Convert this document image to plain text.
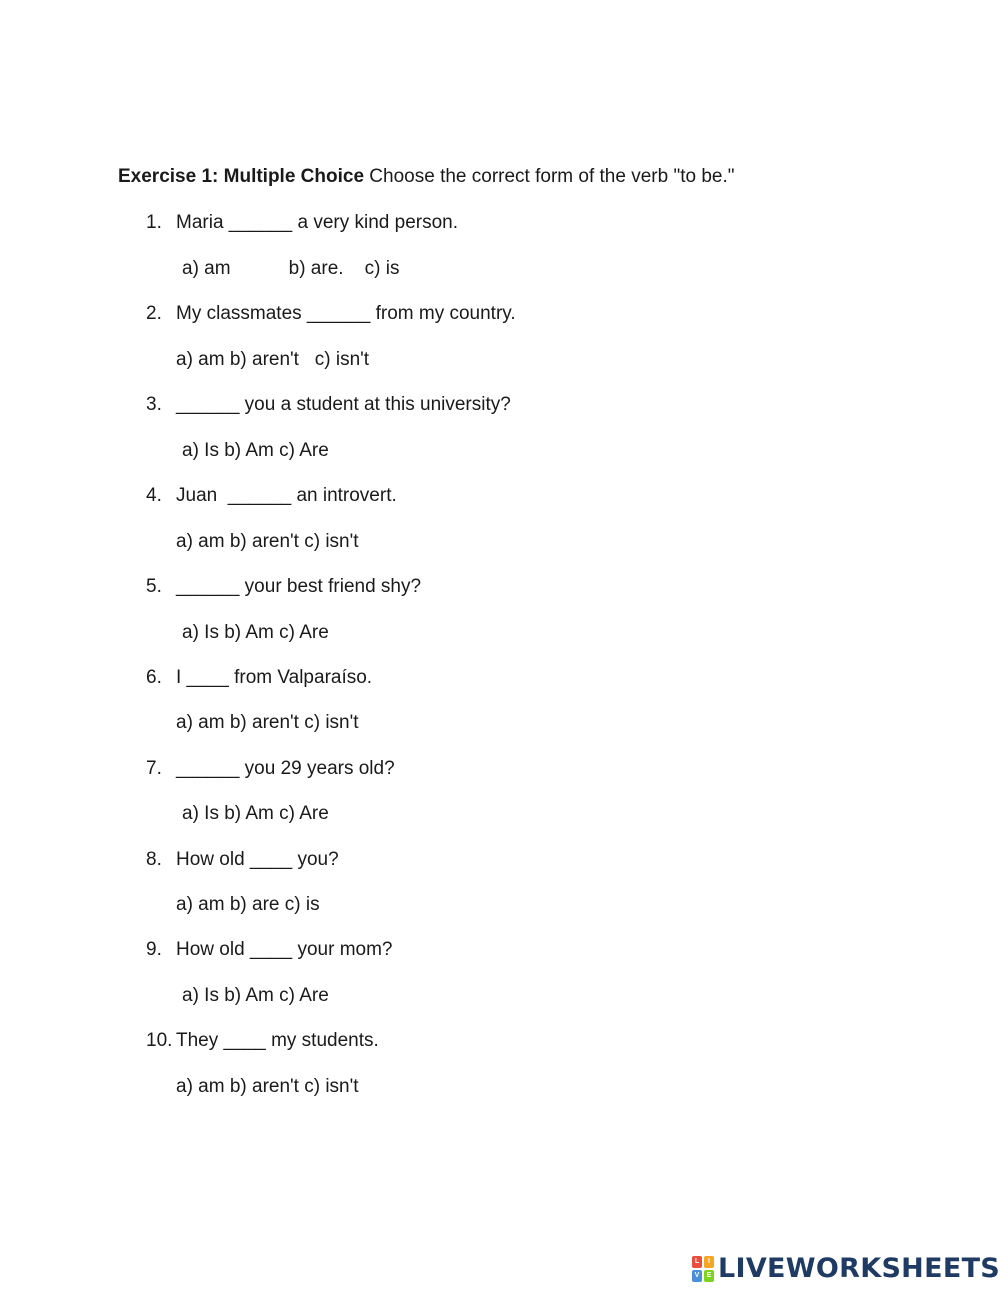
Exercise 1: Multiple Choice Choose the correct form of the verb "to be."
1. Maria ______ a very kind person.
a) am           b) are.    c) is
2. My classmates ______ from my country.
a) am b) aren't   c) isn't
3. ______ you a student at this university?
a) Is b) Am c) Are
4. Juan  ______ an introvert.
a) am b) aren't c) isn't
5. ______ your best friend shy?
a) Is b) Am c) Are
6. I ____ from Valparaíso.
a) am b) aren't c) isn't
7. ______ you 29 years old?
a) Is b) Am c) Are
8. How old ____ you?
a) am b) are c) is
9. How old ____ your mom?
a) Is b) Am c) Are
10. They ____ my students.
a) am b) aren't c) isn't
L	I
V	E LIVEWORKSHEETS
